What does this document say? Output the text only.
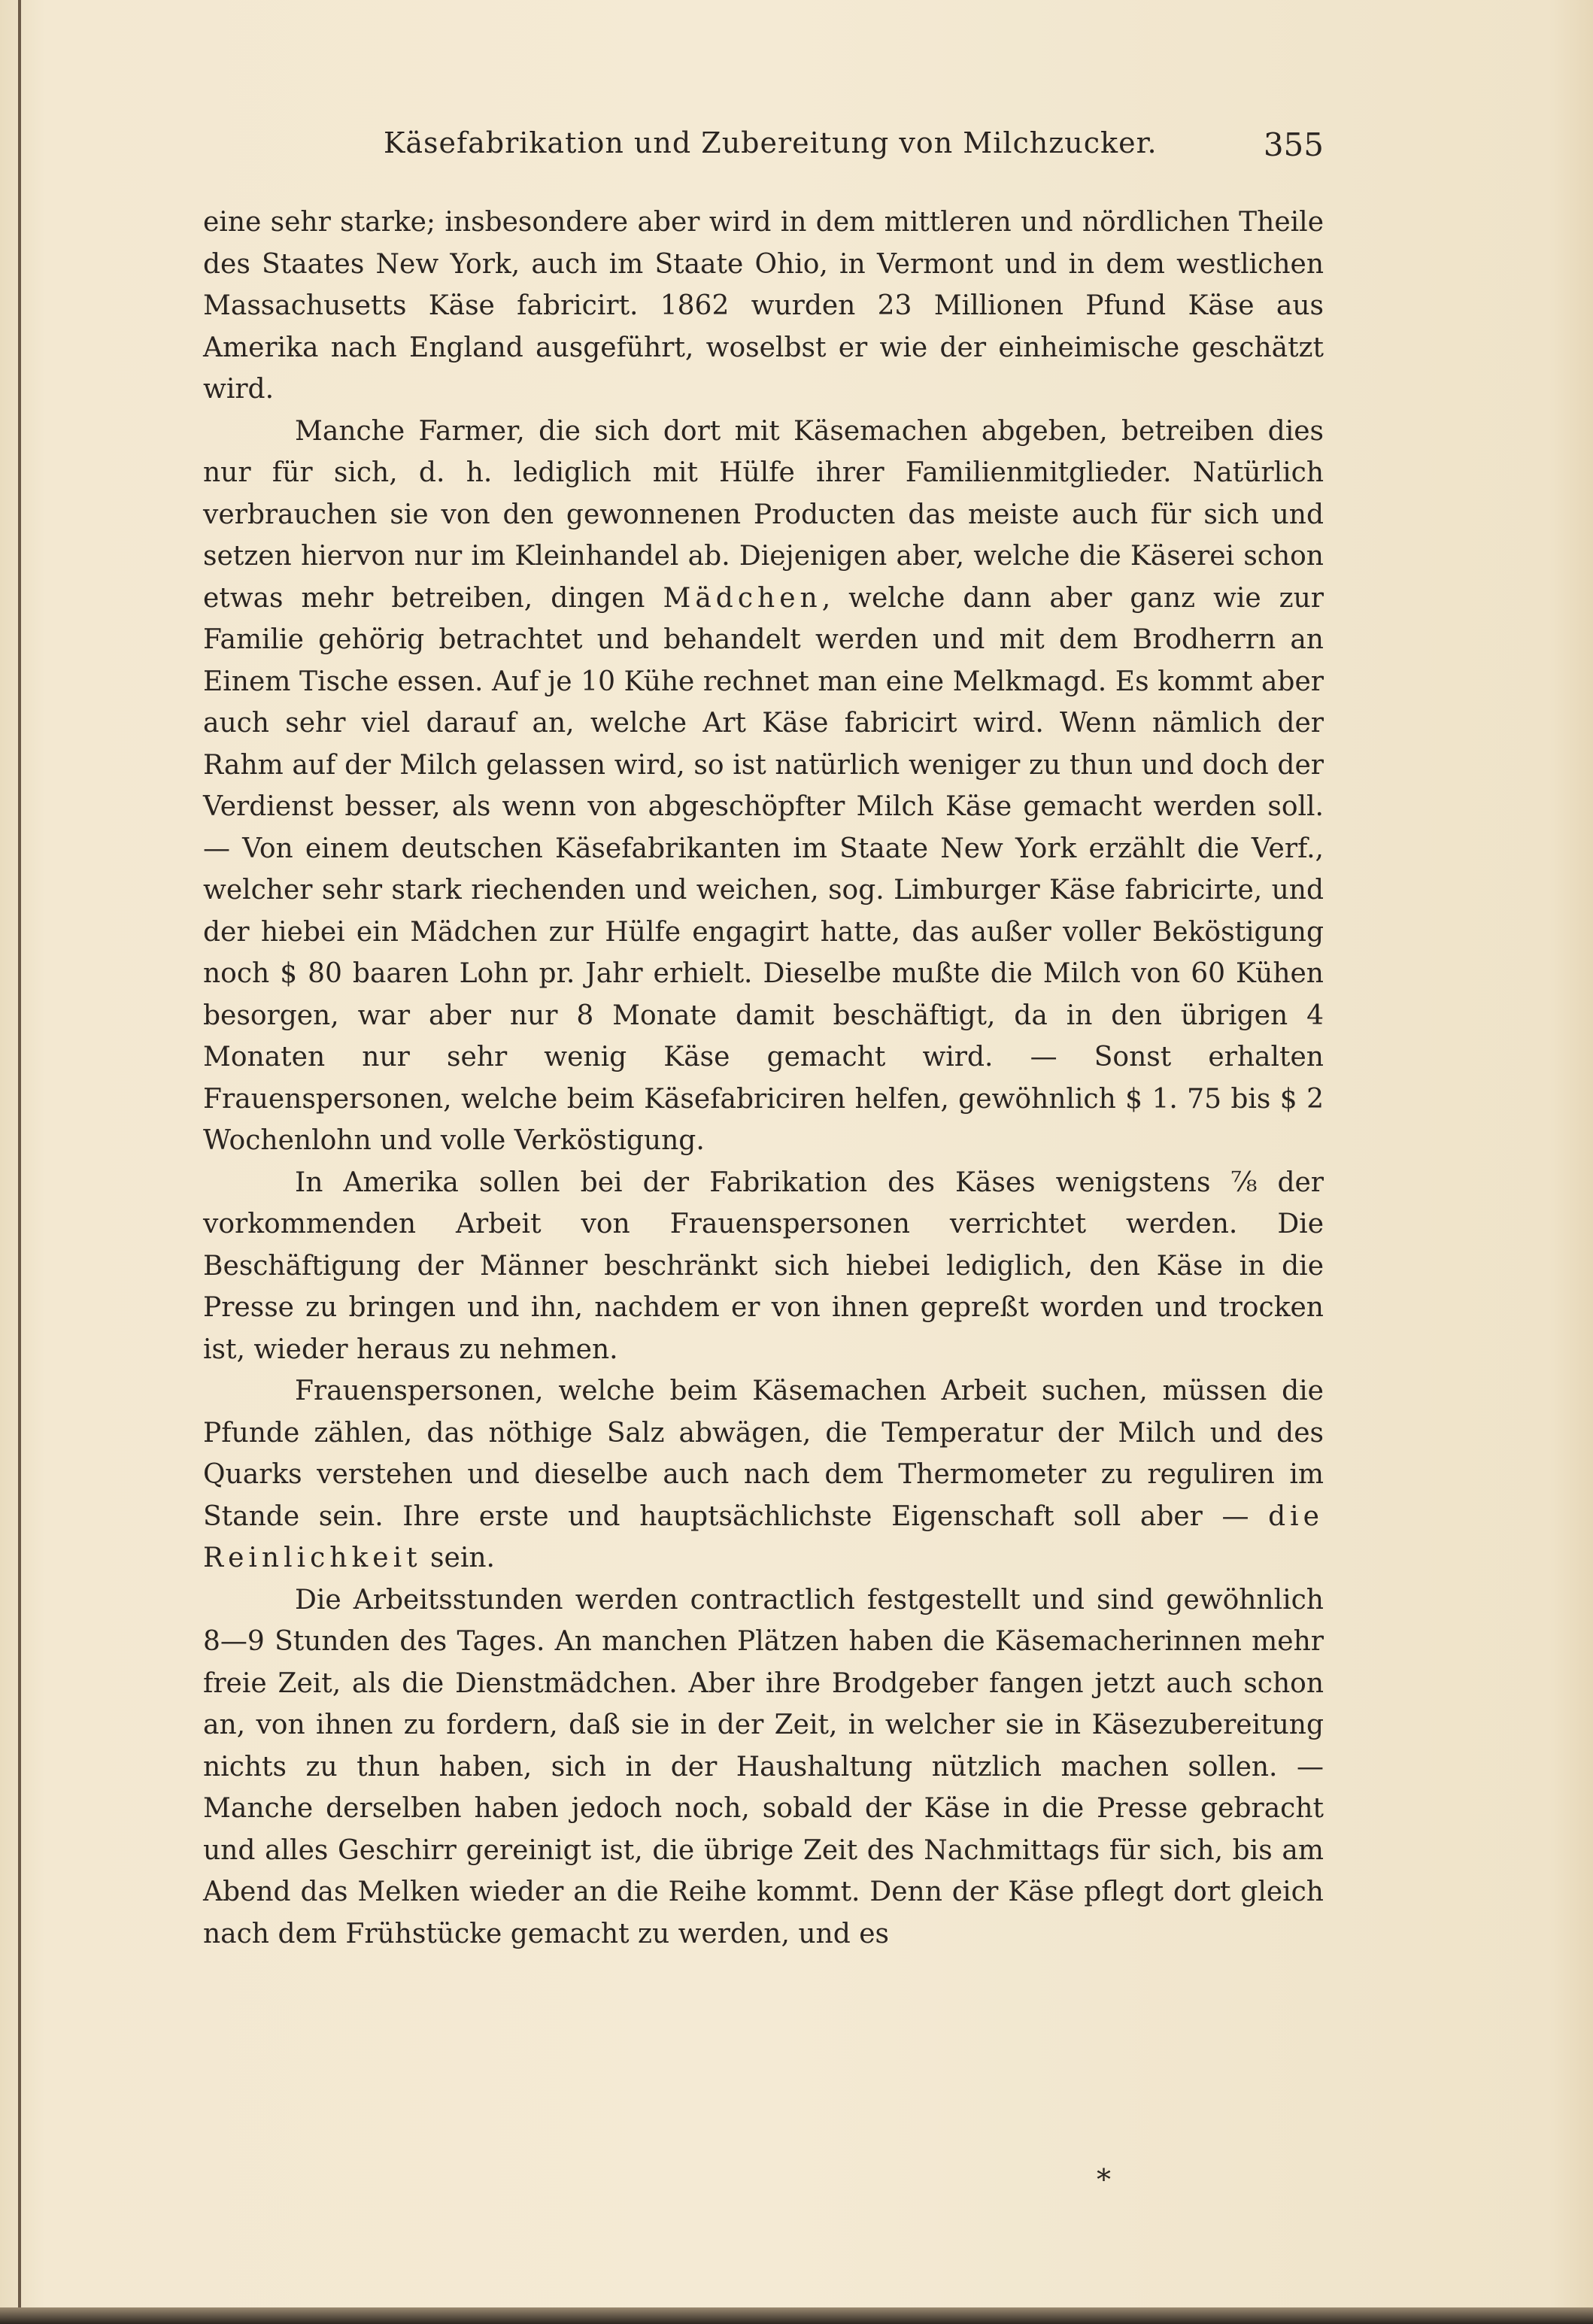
Käsefabrikation und Zubereitung von Milchzucker.	355

eine sehr starke; insbesondere aber wird in dem mittleren und nördlichen Theile des Staates New York, auch im Staate Ohio, in Vermont und in dem westlichen Massachusetts Käse fabricirt. 1862 wurden 23 Millionen Pfund Käse aus Amerika nach England ausgeführt, woselbst er wie der einheimische geschätzt wird.

Manche Farmer, die sich dort mit Käsemachen abgeben, betreiben dies nur für sich, d. h. lediglich mit Hülfe ihrer Familienmitglieder. Natürlich verbrauchen sie von den gewonnenen Producten das meiste auch für sich und setzen hiervon nur im Kleinhandel ab. Diejenigen aber, welche die Käserei schon etwas mehr betreiben, dingen Mädchen, welche dann aber ganz wie zur Familie gehörig betrachtet und behandelt werden und mit dem Brodherrn an Einem Tische essen. Auf je 10 Kühe rechnet man eine Melkmagd. Es kommt aber auch sehr viel darauf an, welche Art Käse fabricirt wird. Wenn nämlich der Rahm auf der Milch gelassen wird, so ist natürlich weniger zu thun und doch der Verdienst besser, als wenn von abgeschöpfter Milch Käse gemacht werden soll. — Von einem deutschen Käsefabrikanten im Staate New York erzählt die Verf., welcher sehr stark riechenden und weichen, sog. Limburger Käse fabricirte, und der hiebei ein Mädchen zur Hülfe engagirt hatte, das außer voller Beköstigung noch $ 80 baaren Lohn pr. Jahr erhielt. Dieselbe mußte die Milch von 60 Kühen besorgen, war aber nur 8 Monate damit beschäftigt, da in den übrigen 4 Monaten nur sehr wenig Käse gemacht wird. — Sonst erhalten Frauenspersonen, welche beim Käsefabriciren helfen, gewöhnlich $ 1. 75 bis $ 2 Wochenlohn und volle Verköstigung.

In Amerika sollen bei der Fabrikation des Käses wenigstens ⅞ der vorkommenden Arbeit von Frauenspersonen verrichtet werden. Die Beschäftigung der Männer beschränkt sich hiebei lediglich, den Käse in die Presse zu bringen und ihn, nachdem er von ihnen gepreßt worden und trocken ist, wieder heraus zu nehmen.

Frauenspersonen, welche beim Käsemachen Arbeit suchen, müssen die Pfunde zählen, das nöthige Salz abwägen, die Temperatur der Milch und des Quarks verstehen und dieselbe auch nach dem Thermometer zu reguliren im Stande sein. Ihre erste und hauptsächlichste Eigenschaft soll aber — die Reinlichkeit sein.

Die Arbeitsstunden werden contractlich festgestellt und sind gewöhnlich 8—9 Stunden des Tages. An manchen Plätzen haben die Käsemacherinnen mehr freie Zeit, als die Dienstmädchen. Aber ihre Brodgeber fangen jetzt auch schon an, von ihnen zu fordern, daß sie in der Zeit, in welcher sie in Käsezubereitung nichts zu thun haben, sich in der Haushaltung nützlich machen sollen. — Manche derselben haben jedoch noch, sobald der Käse in die Presse gebracht und alles Geschirr gereinigt ist, die übrige Zeit des Nachmittags für sich, bis am Abend das Melken wieder an die Reihe kommt. Denn der Käse pflegt dort gleich nach dem Frühstücke gemacht zu werden, und es

*
